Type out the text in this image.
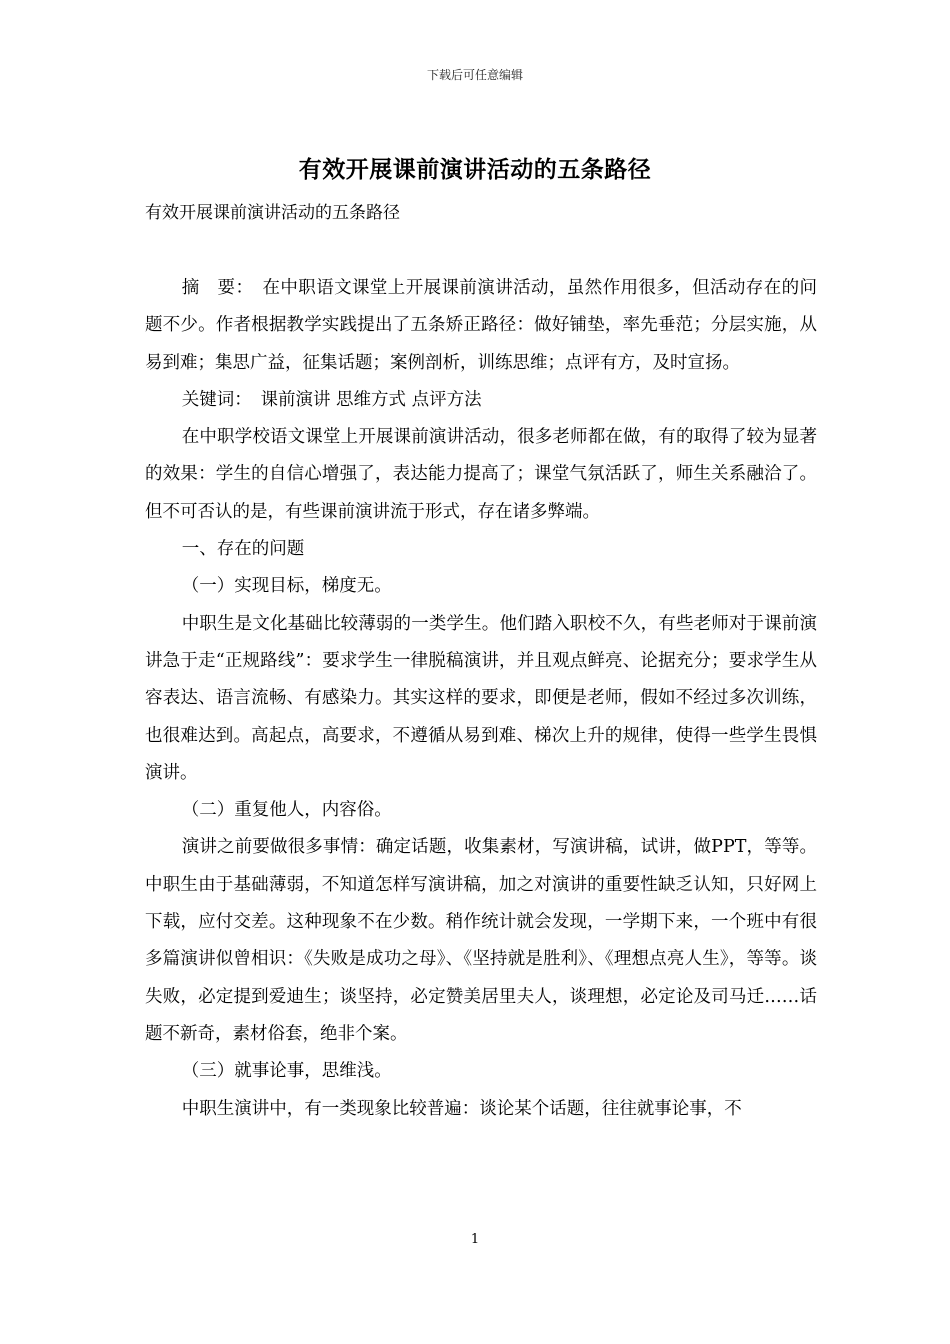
下载后可任意编辑
有效开展课前演讲活动的五条路径
有效开展课前演讲活动的五条路径

摘　要：　在中职语文课堂上开展课前演讲活动，虽然作用很多，但活动存在的问题不少。作者根据教学实践提出了五条矫正路径：做好铺垫，率先垂范；分层实施，从易到难；集思广益，征集话题；案例剖析，训练思维；点评有方，及时宣扬。

关键词：　课前演讲 思维方式 点评方法

在中职学校语文课堂上开展课前演讲活动，很多老师都在做，有的取得了较为显著的效果：学生的自信心增强了，表达能力提高了；课堂气氛活跃了，师生关系融洽了。但不可否认的是，有些课前演讲流于形式，存在诸多弊端。

一、存在的问题

（一）实现目标，梯度无。

中职生是文化基础比较薄弱的一类学生。他们踏入职校不久，有些老师对于课前演讲急于走“正规路线”：要求学生一律脱稿演讲，并且观点鲜亮、论据充分；要求学生从容表达、语言流畅、有感染力。其实这样的要求，即便是老师，假如不经过多次训练，也很难达到。高起点，高要求，不遵循从易到难、梯次上升的规律，使得一些学生畏惧演讲。

（二）重复他人，内容俗。

演讲之前要做很多事情：确定话题，收集素材，写演讲稿，试讲，做PPT，等等。中职生由于基础薄弱，不知道怎样写演讲稿，加之对演讲的重要性缺乏认知，只好网上下载，应付交差。这种现象不在少数。稍作统计就会发现，一学期下来，一个班中有很多篇演讲似曾相识：《失败是成功之母》、《坚持就是胜利》、《理想点亮人生》，等等。谈失败，必定提到爱迪生；谈坚持，必定赞美居里夫人，谈理想，必定论及司马迁……话题不新奇，素材俗套，绝非个案。

（三）就事论事，思维浅。

中职生演讲中，有一类现象比较普遍：谈论某个话题，往往就事论事，不

1
